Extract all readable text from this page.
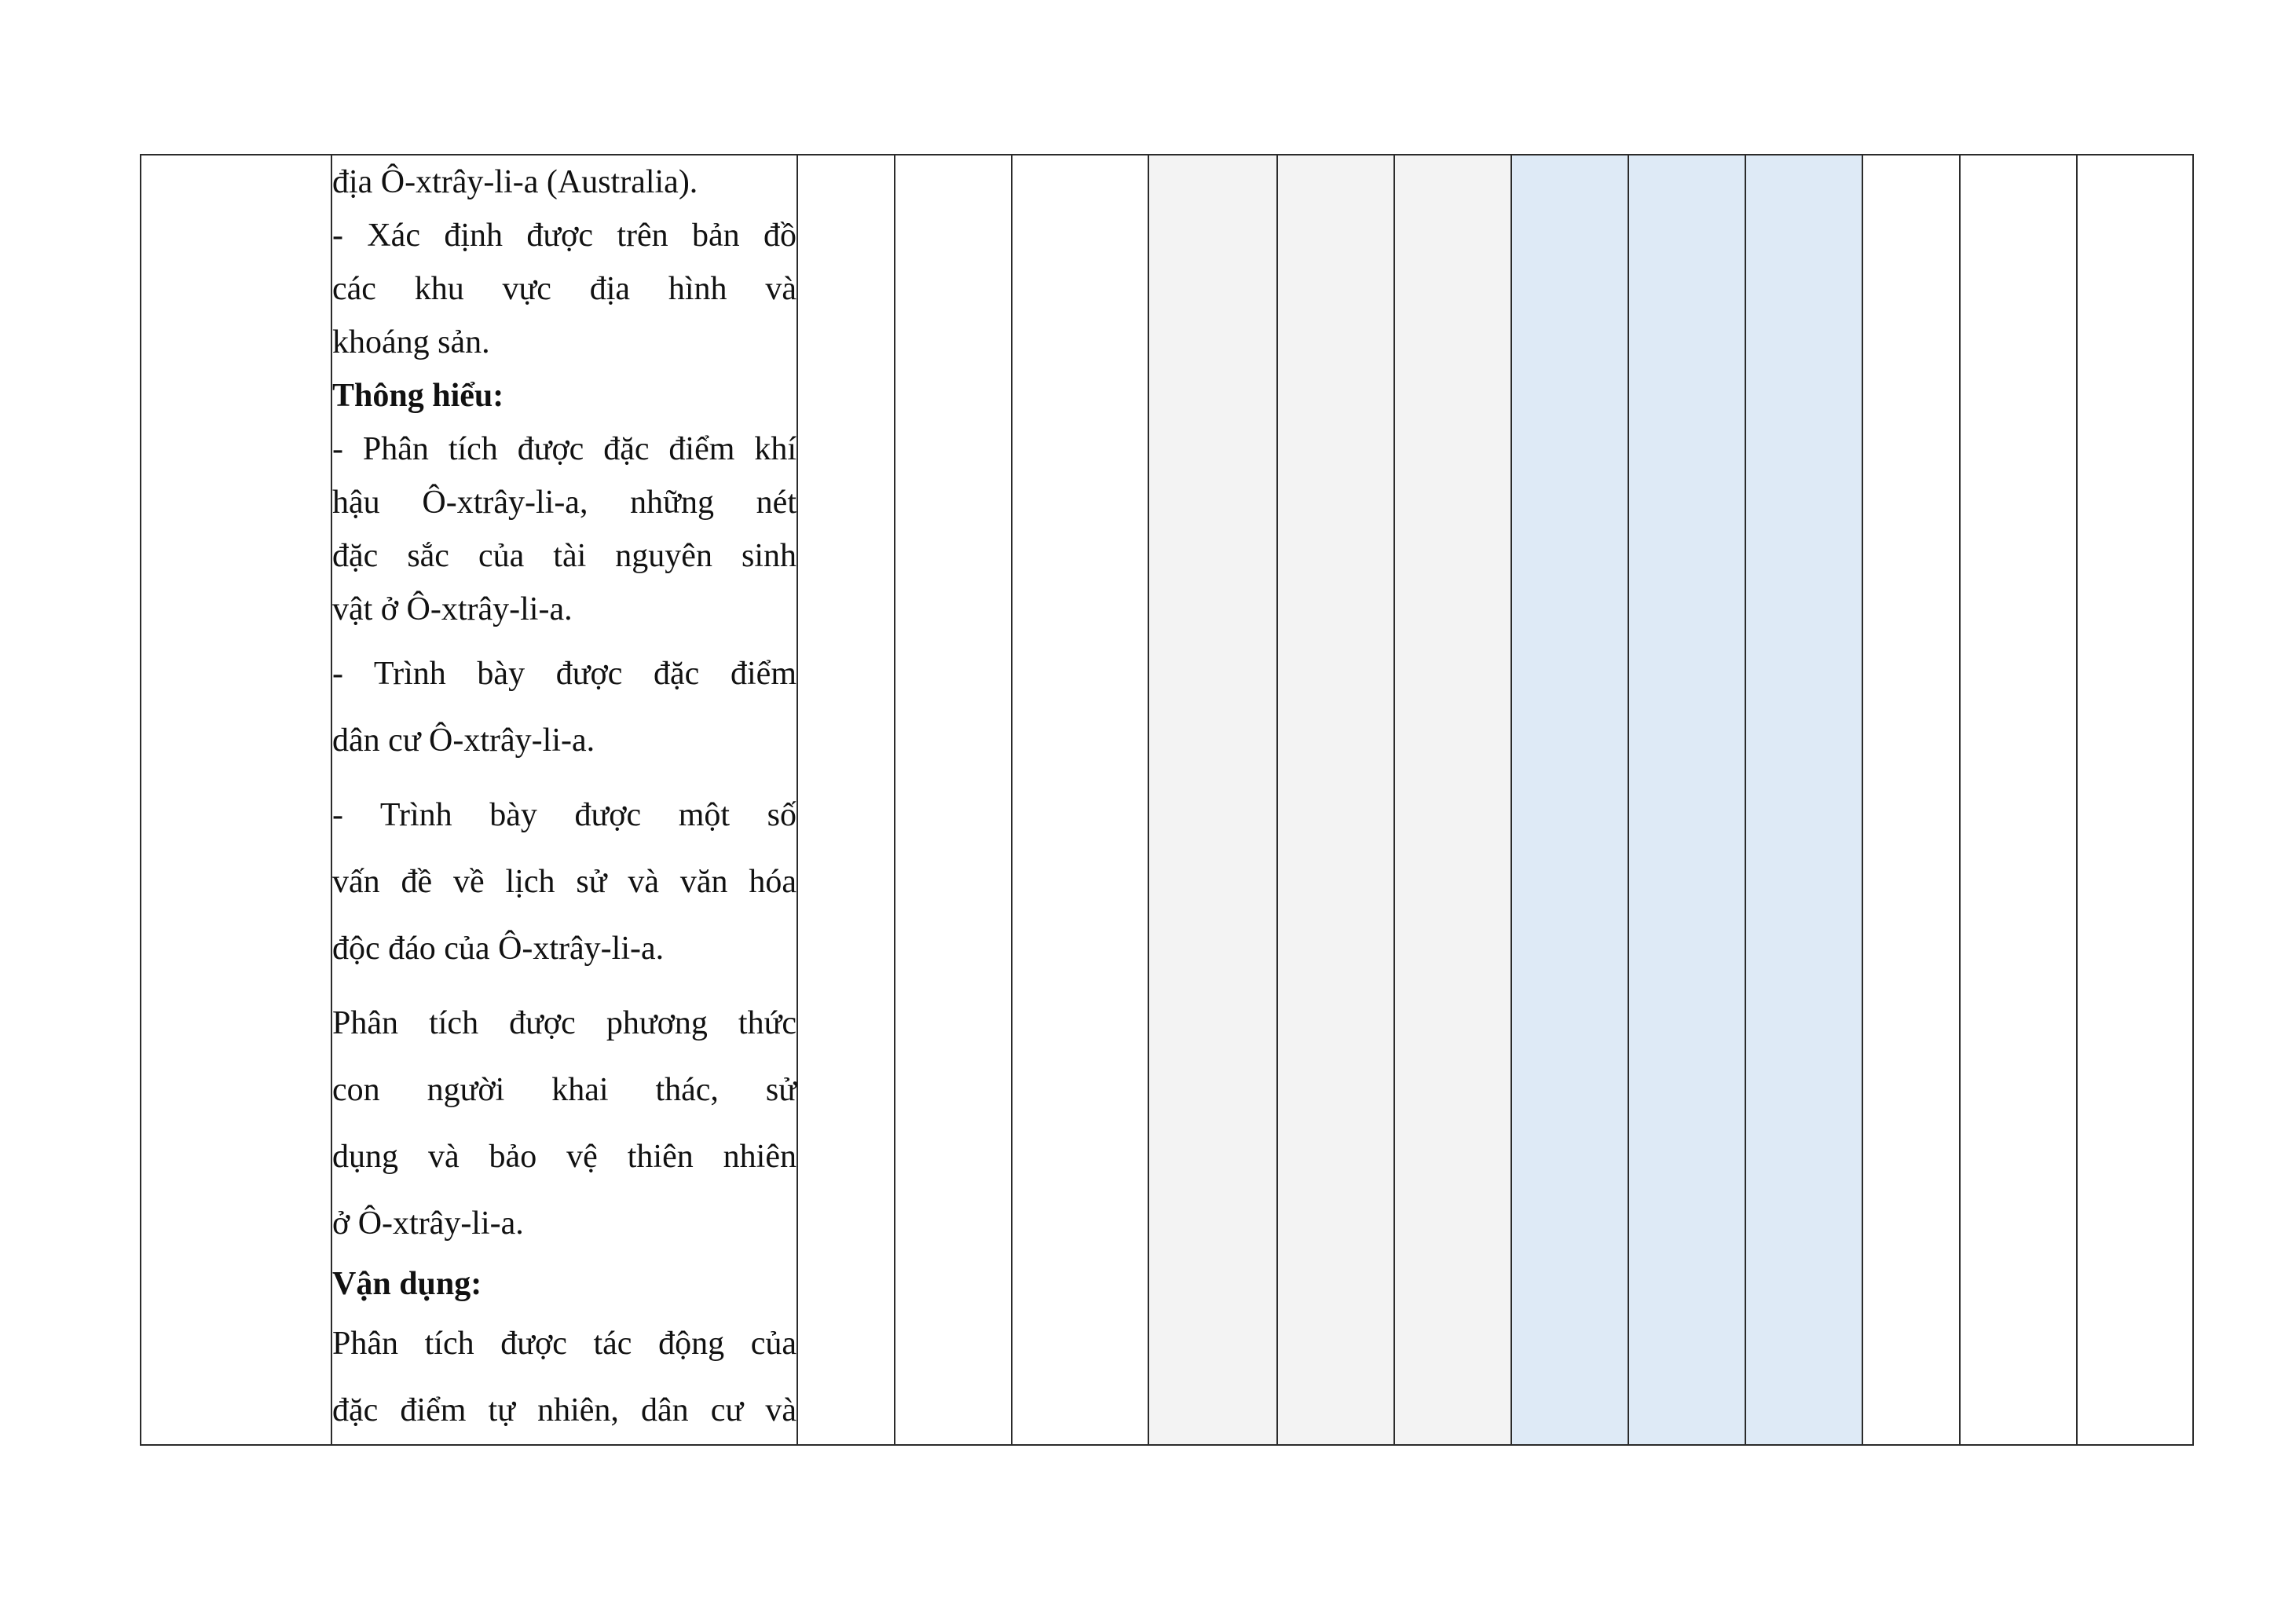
địa Ô-xtrây-li-a (Australia).

- Xác định được trên bản đồ

các khu vực địa hình và

khoáng sản.

Thông hiểu:

- Phân tích được đặc điểm khí

hậu Ô-xtrây-li-a, những nét

đặc sắc của tài nguyên sinh

vật ở Ô-xtrây-li-a.

- Trình bày được đặc điểm

dân cư Ô-xtrây-li-a.

- Trình bày được một số

vấn đề về lịch sử và văn hóa

độc đáo của Ô-xtrây-li-a.

Phân tích được phương thức

con người khai thác, sử

dụng và bảo vệ thiên nhiên

ở Ô-xtrây-li-a.

Vận dụng:

Phân tích được tác động của

đặc điểm tự nhiên, dân cư và
